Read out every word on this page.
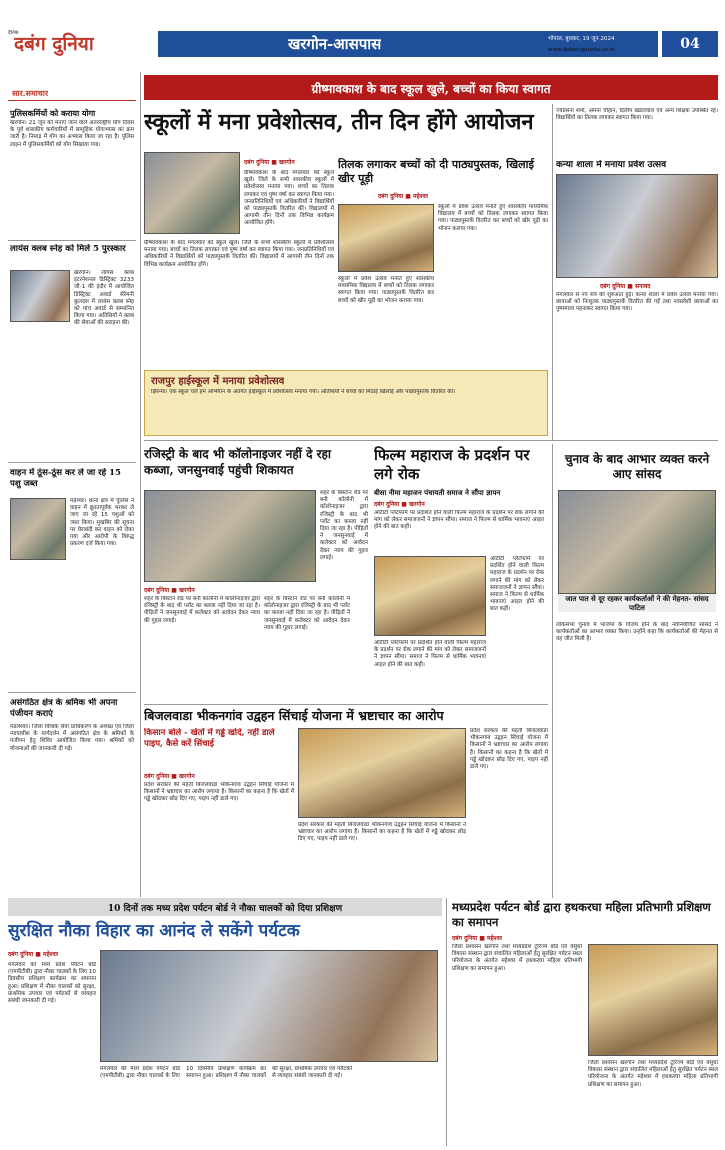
दैनिक
दबंग दुनिया	खरगोन-आसपास	भोपाल, बुधवार, 19 जून 2024
www.dabangdunia.co.in	04
सार.समाचार
पुलिसकर्मियों को कराया योगा
खरगोन। 21 जून को मनाए जाने वाले अंतरराष्ट्रीय योग दिवस के पूर्व शासकीय कर्मचारियों में सामूहिक योगाभ्यास का क्रम जारी है। निमाड़ में योग का अभ्यास किया जा रहा है। पुलिस लाइन में पुलिसकर्मियों को योग सिखाया गया।
लायंस क्लब स्नेह को मिले 5 पुरस्कार
खरगोन। लायंस क्लब इंटरनेशनल डिस्ट्रिक्ट 3233 जी-1 की इंदौर में आयोजित डिस्ट्रिक्ट अवार्ड सेरेमनी कुलदश में लायंस क्लब स्नेह को पांच अवार्ड से सम्मानित किया गया। अतिथियों ने क्लब की सेवाओं की सराहना की।
वाहन में ठूंस-ठूंस कर ले जा रहे 15 पशु जब्त
महेश्वर। थाना क्षेत्र में पुलिस ने वाहन में क्रूरतापूर्वक भरकर ले जाए जा रहे 15 पशुओं को जब्त किया। मुखबिर की सूचना पर घेराबंदी कर वाहन को रोका गया और आरोपी के विरुद्ध प्रकरण दर्ज किया गया।
असंगठित क्षेत्र के श्रमिक भी अपना पंजीयन कराएं
मंडलेश्वर। जिला विधिक सेवा प्राधिकरण के अध्यक्ष एवं जिला न्यायाधीश के मार्गदर्शन में असंगठित क्षेत्र के श्रमिकों के पंजीयन हेतु शिविर आयोजित किया गया। श्रमिकों को योजनाओं की जानकारी दी गई।
ग्रीष्मावकाश के बाद स्कूल खुले, बच्चों का किया स्वागत
स्कूलों में मना प्रवेशोत्सव, तीन दिन होंगे आयोजन
दबंग दुनिया ■ खरगोन
ग्रीष्मावकाश के बाद मंगलवार को स्कूल खुले। जिले के सभी शासकीय स्कूलों में प्रवेशोत्सव मनाया गया। बच्चों का तिलक लगाकर एवं पुष्प वर्षा कर स्वागत किया गया। जनप्रतिनिधियों एवं अधिकारियों ने विद्यार्थियों को पाठ्यपुस्तकें वितरित कीं। विद्यालयों में आगामी तीन दिनों तक विभिन्न कार्यक्रम आयोजित होंगे।
ग्रीष्मावकाश के बाद मंगलवार को स्कूल खुले। जिले के सभी शासकीय स्कूलों में प्रवेशोत्सव मनाया गया। बच्चों का तिलक लगाकर एवं पुष्प वर्षा कर स्वागत किया गया। जनप्रतिनिधियों एवं अधिकारियों ने विद्यार्थियों को पाठ्यपुस्तकें वितरित कीं। विद्यालयों में आगामी तीन दिनों तक विभिन्न कार्यक्रम आयोजित होंगे।
राजपुर हाईस्कूल में मनाया प्रवेशोत्सव
झिरन्या। एक स्कूल चलें हम अभियान के अंतर्गत हाईस्कूल में प्रवेशोत्सव मनाया गया। अतिथियों ने बच्चों को मिठाई खिलाई और पाठ्यपुस्तकें वितरित कीं।
तिलक लगाकर बच्चों को दी पाठ्यपुस्तक, खिलाई खीर पूड़ी
दबंग दुनिया ■ महेश्वर
स्कूलों में प्रवेश उत्सव मनाते हुए शासकीय माध्यमिक विद्यालय में बच्चों को तिलक लगाकर स्वागत किया गया। पाठ्यपुस्तकें वितरित कर बच्चों को खीर पूड़ी का भोजन कराया गया।
स्कूलों में प्रवेश उत्सव मनाते हुए शासकीय माध्यमिक विद्यालय में बच्चों को तिलक लगाकर स्वागत किया गया। पाठ्यपुस्तकें वितरित कर बच्चों को खीर पूड़ी का भोजन कराया गया।
ज्योत्सना शर्मा, अमना चौहान, दिलीप खंडेलवाल एवं अन्य शिक्षक उपस्थित रहे। विद्यार्थियों का तिलक लगाकर स्वागत किया गया।
कन्या शाला में मनाया प्रवेश उत्सव
दबंग दुनिया ■ सनावद
मंगलवार से नए सत्र की शुरुआत हुई। कन्या शाला में प्रवेश उत्सव मनाया गया। छात्राओं को निःशुल्क पाठ्यपुस्तकें वितरित की गईं तथा नवप्रवेशी छात्राओं का पुष्पमाला पहनाकर स्वागत किया गया।
रजिस्ट्री के बाद भी कॉलोनाइजर नहीं दे रहा कब्जा, जनसुनवाई पहुंची शिकायत
दबंग दुनिया ■ खरगोन
शहर के बिस्टान रोड पर बनी कॉलोनी में कॉलोनाइजर द्वारा रजिस्ट्री के बाद भी प्लॉट का कब्जा नहीं दिया जा रहा है। पीड़ितों ने जनसुनवाई में कलेक्टर को आवेदन देकर न्याय की गुहार लगाई।
शहर के बिस्टान रोड पर बनी कॉलोनी में कॉलोनाइजर द्वारा रजिस्ट्री के बाद भी प्लॉट का कब्जा नहीं दिया जा रहा है। पीड़ितों ने जनसुनवाई में कलेक्टर को आवेदन देकर न्याय की गुहार लगाई।
शहर के बिस्टान रोड पर बनी कॉलोनी में कॉलोनाइजर द्वारा रजिस्ट्री के बाद भी प्लॉट का कब्जा नहीं दिया जा रहा है। पीड़ितों ने जनसुनवाई में कलेक्टर को आवेदन देकर न्याय की गुहार लगाई।
फिल्म महाराज के प्रदर्शन पर लगे रोक
बीसा नीमा महाजन पंचायती समाज ने सौंपा ज्ञापन
दबंग दुनिया ■ खरगोन
ओटीटी प्लेटफॉर्म पर प्रदर्शित होने वाली फिल्म महाराज के प्रदर्शन पर रोक लगाने की मांग को लेकर समाजजनों ने ज्ञापन सौंपा। समाज ने फिल्म से धार्मिक भावनाएं आहत होने की बात कही।
ओटीटी प्लेटफॉर्म पर प्रदर्शित होने वाली फिल्म महाराज के प्रदर्शन पर रोक लगाने की मांग को लेकर समाजजनों ने ज्ञापन सौंपा। समाज ने फिल्म से धार्मिक भावनाएं आहत होने की बात कही।
ओटीटी प्लेटफॉर्म पर प्रदर्शित होने वाली फिल्म महाराज के प्रदर्शन पर रोक लगाने की मांग को लेकर समाजजनों ने ज्ञापन सौंपा। समाज ने फिल्म से धार्मिक भावनाएं आहत होने की बात कही।
चुनाव के बाद आभार व्यक्त करने आए सांसद
जात पात से दूर रहकर कार्यकर्ताओं ने की मेहनत- सांसद पाटिल
लोकसभा चुनाव में भाजपा के विजय होने के बाद नवनिर्वाचित सांसद ने कार्यकर्ताओं का आभार व्यक्त किया। उन्होंने कहा कि कार्यकर्ताओं की मेहनत से यह जीत मिली है।
बिजलवाडा भीकनगांव उद्वहन सिंचाई योजना में भ्रष्टाचार का आरोप
किसान बोले - खेतों में गड्ढे खोदे, नहीं डाले पाइप, कैसे करें सिंचाई
दबंग दुनिया ■ खरगोन
प्रदेश सरकार की महती बिजलवाडा भीकनगांव उद्वहन सिंचाई योजना में किसानों ने भ्रष्टाचार का आरोप लगाया है। किसानों का कहना है कि खेतों में गड्ढे खोदकर छोड़ दिए गए, पाइप नहीं डाले गए।
प्रदेश सरकार की महती बिजलवाडा भीकनगांव उद्वहन सिंचाई योजना में किसानों ने भ्रष्टाचार का आरोप लगाया है। किसानों का कहना है कि खेतों में गड्ढे खोदकर छोड़ दिए गए, पाइप नहीं डाले गए।
प्रदेश सरकार की महती बिजलवाडा भीकनगांव उद्वहन सिंचाई योजना में किसानों ने भ्रष्टाचार का आरोप लगाया है। किसानों का कहना है कि खेतों में गड्ढे खोदकर छोड़ दिए गए, पाइप नहीं डाले गए।
10 दिनों तक मध्य प्रदेश पर्यटन बोर्ड ने नौका चालकों को दिया प्रशिक्षण
सुरक्षित नौका विहार का आनंद ले सकेंगे पर्यटक
दबंग दुनिया ■ महेश्वर
मंगलवार को मध्य प्रदेश पर्यटन बोर्ड (एमपीटीबी) द्वारा नौका चालकों के लिए 10 दिवसीय प्रशिक्षण कार्यक्रम का समापन हुआ। प्रशिक्षण में नौका चालकों को सुरक्षा, प्राथमिक उपचार एवं पर्यटकों से व्यवहार संबंधी जानकारी दी गई।
मंगलवार को मध्य प्रदेश पर्यटन बोर्ड (एमपीटीबी) द्वारा नौका चालकों के लिए 10 दिवसीय प्रशिक्षण कार्यक्रम का समापन हुआ। प्रशिक्षण में नौका चालकों को सुरक्षा, प्राथमिक उपचार एवं पर्यटकों से व्यवहार संबंधी जानकारी दी गई।
मध्यप्रदेश पर्यटन बोर्ड द्वारा हथकरघा महिला प्रतिभागी प्रशिक्षण का समापन
दबंग दुनिया ■ महेश्वर
जिला प्रशासन खरगोन तथा मध्यप्रदेश टूरिज्म बोर्ड एवं वसुधा विकास संस्थान द्वारा संचालित महिलाओं हेतु सुरक्षित पर्यटन स्थल परियोजना के अंतर्गत महेश्वर में हथकरघा महिला प्रतिभागी प्रशिक्षण का समापन हुआ।
जिला प्रशासन खरगोन तथा मध्यप्रदेश टूरिज्म बोर्ड एवं वसुधा विकास संस्थान द्वारा संचालित महिलाओं हेतु सुरक्षित पर्यटन स्थल परियोजना के अंतर्गत महेश्वर में हथकरघा महिला प्रतिभागी प्रशिक्षण का समापन हुआ।
